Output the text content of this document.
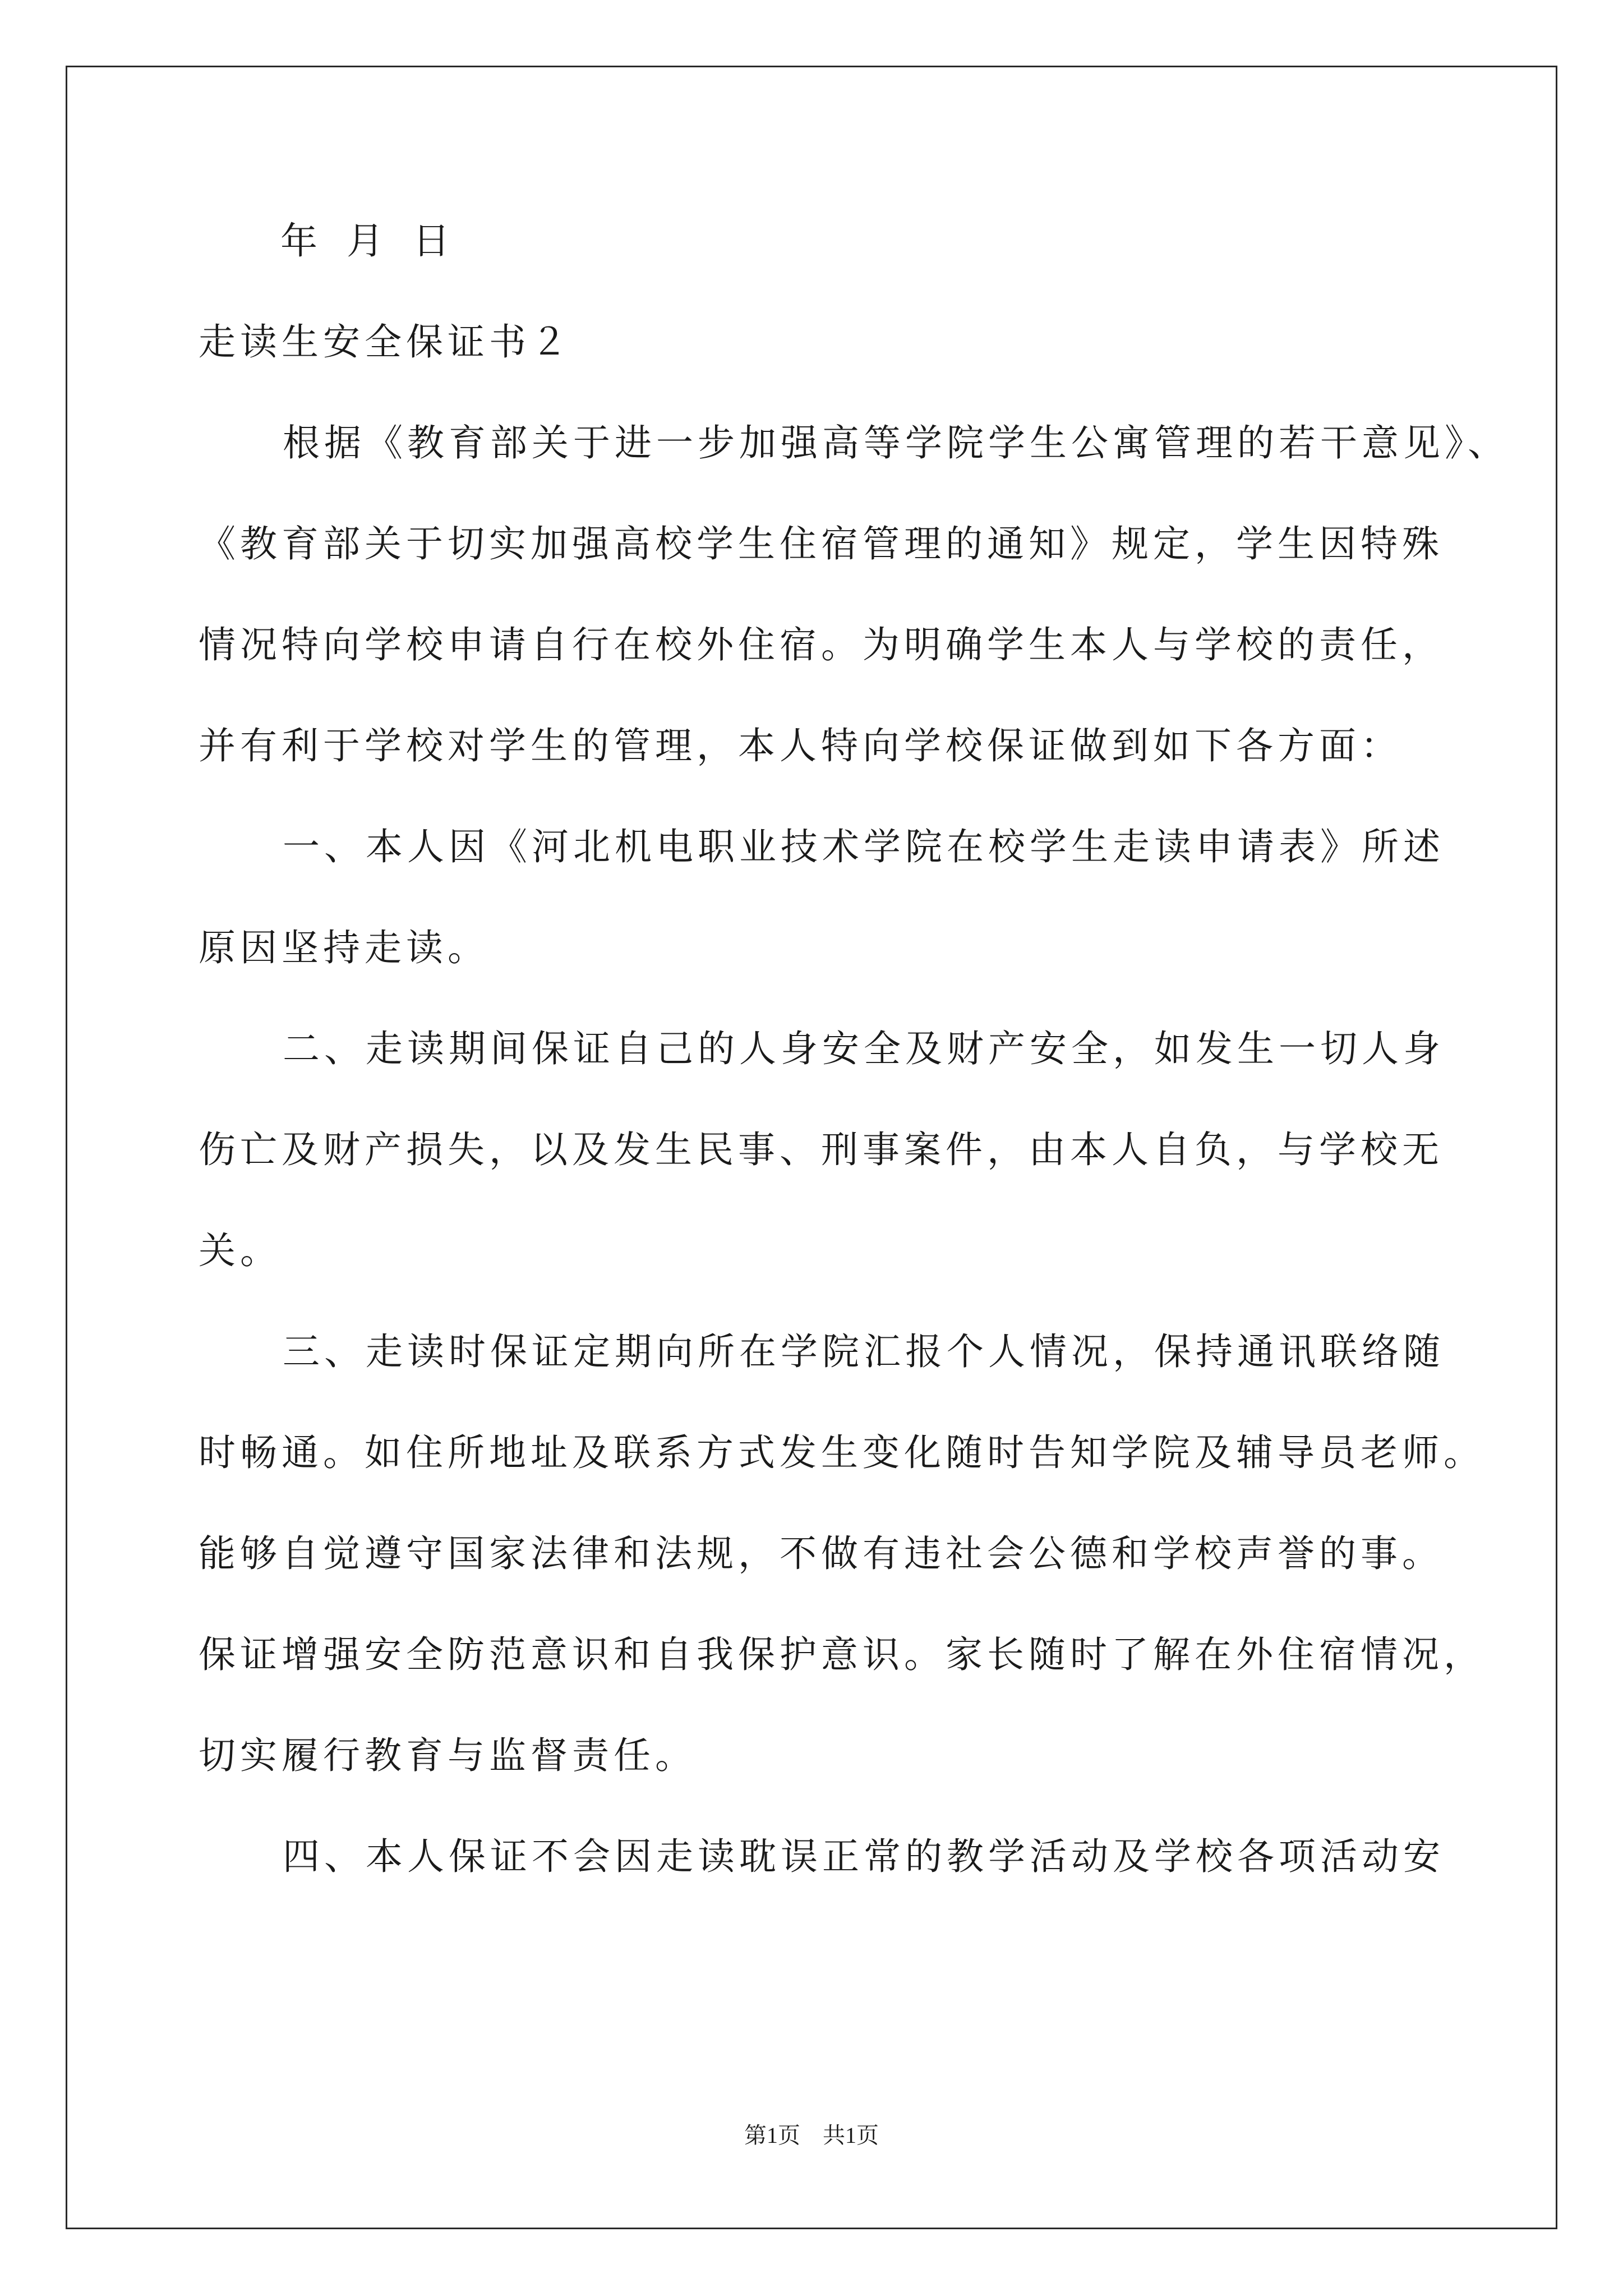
年 月 日
走读生安全保证书２
根据《教育部关于进一步加强高等学院学生公寓管理的若干意见》、
《教育部关于切实加强高校学生住宿管理的通知》规定，学生因特殊
情况特向学校申请自行在校外住宿。为明确学生本人与学校的责任，
并有利于学校对学生的管理，本人特向学校保证做到如下各方面：
一、本人因《河北机电职业技术学院在校学生走读申请表》所述
原因坚持走读。
二、走读期间保证自己的人身安全及财产安全，如发生一切人身
伤亡及财产损失，以及发生民事、刑事案件，由本人自负，与学校无
关。
三、走读时保证定期向所在学院汇报个人情况，保持通讯联络随
时畅通。如住所地址及联系方式发生变化随时告知学院及辅导员老师。
能够自觉遵守国家法律和法规，不做有违社会公德和学校声誉的事。
保证增强安全防范意识和自我保护意识。家长随时了解在外住宿情况，
切实履行教育与监督责任。
四、本人保证不会因走读耽误正常的教学活动及学校各项活动安
第1页 共1页
